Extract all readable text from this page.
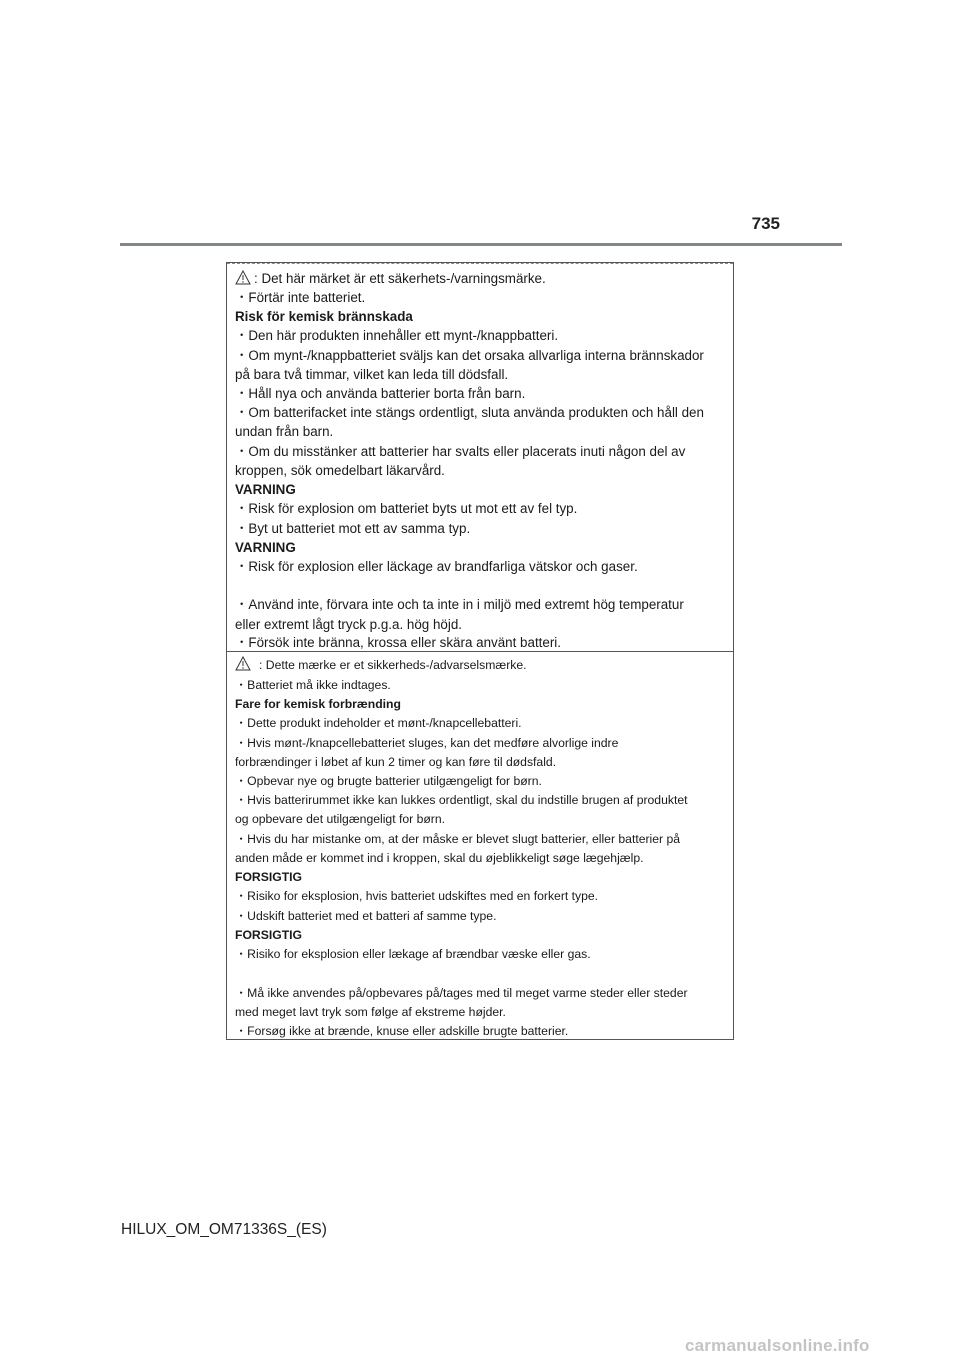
735
: Det här märket är ett säkerhets-/varningsmärke.
・Förtär inte batteriet.
Risk för kemisk brännskada
・Den här produkten innehåller ett mynt-/knappbatteri.
・Om mynt-/knappbatteriet sväljs kan det orsaka allvarliga interna brännskador
på bara två timmar, vilket kan leda till dödsfall.
・Håll nya och använda batterier borta från barn.
・Om batterifacket inte stängs ordentligt, sluta använda produkten och håll den
undan från barn.
・Om du misstänker att batterier har svalts eller placerats inuti någon del av
kroppen, sök omedelbart läkarvård.
VARNING
・Risk för explosion om batteriet byts ut mot ett av fel typ.
・Byt ut batteriet mot ett av samma typ.
VARNING
・Risk för explosion eller läckage av brandfarliga vätskor och gaser.
・Använd inte, förvara inte och ta inte in i miljö med extremt hög temperatur
eller extremt lågt tryck p.g.a. hög höjd.
・Försök inte bränna, krossa eller skära använt batteri.
: Dette mærke er et sikkerheds-/advarselsmærke.
・Batteriet må ikke indtages.
Fare for kemisk forbrænding
・Dette produkt indeholder et mønt-/knapcellebatteri.
・Hvis mønt-/knapcellebatteriet sluges, kan det medføre alvorlige indre
forbrændinger i løbet af kun 2 timer og kan føre til dødsfald.
・Opbevar nye og brugte batterier utilgængeligt for børn.
・Hvis batterirummet ikke kan lukkes ordentligt, skal du indstille brugen af produktet
og opbevare det utilgængeligt for børn.
・Hvis du har mistanke om, at der måske er blevet slugt batterier, eller batterier på
anden måde er kommet ind i kroppen, skal du øjeblikkeligt søge lægehjælp.
FORSIGTIG
・Risiko for eksplosion, hvis batteriet udskiftes med en forkert type.
・Udskift batteriet med et batteri af samme type.
FORSIGTIG
・Risiko for eksplosion eller lækage af brændbar væske eller gas.
・Må ikke anvendes på/opbevares på/tages med til meget varme steder eller steder
med meget lavt tryk som følge af ekstreme højder.
・Forsøg ikke at brænde, knuse eller adskille brugte batterier.
HILUX_OM_OM71336S_(ES)
carmanualsonline.info
